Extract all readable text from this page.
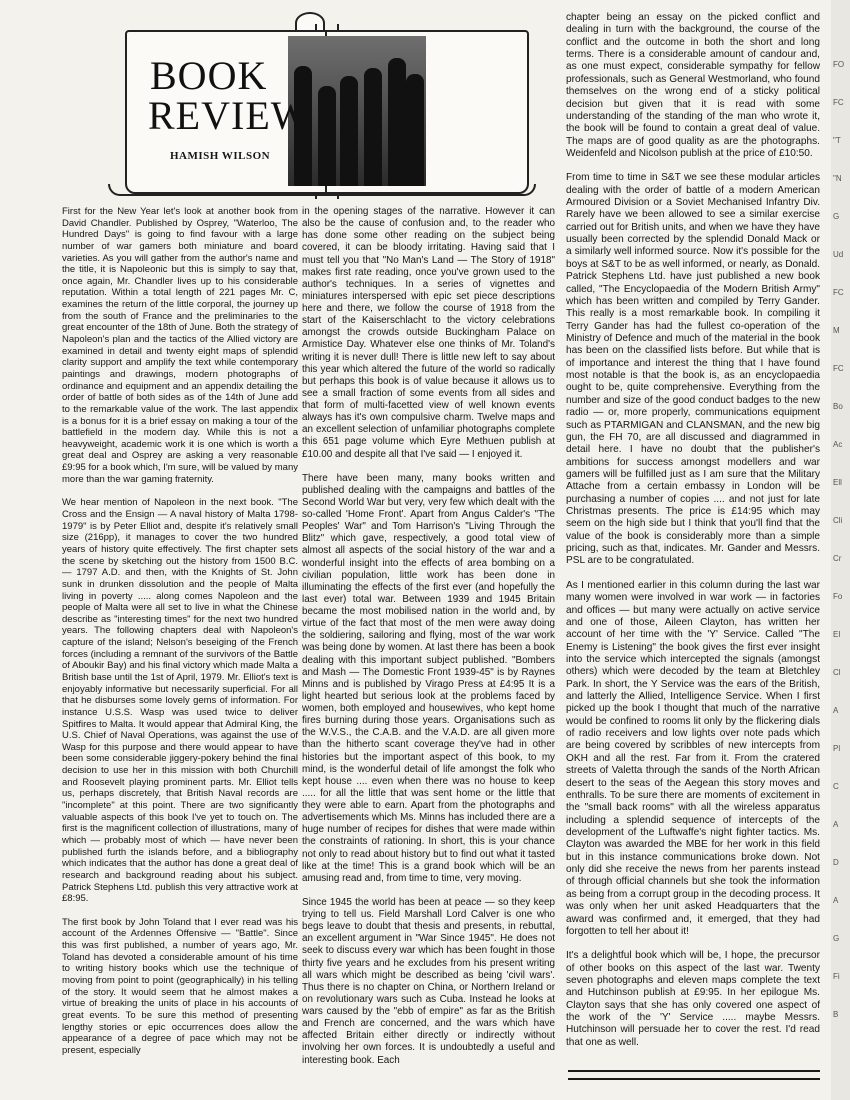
BOOK
REVIEW
HAMISH WILSON

First for the New Year let's look at another book from David Chandler. Published by Osprey, "Waterloo, The Hundred Days" is going to find favour with a large number of war gamers both miniature and board varieties. As you will gather from the author's name and the title, it is Napoleonic but this is simply to say that, once again, Mr. Chandler lives up to his considerable reputation. Within a total length of 221 pages Mr. C, examines the return of the little corporal, the journey up from the south of France and the preliminaries to the great encounter of the 18th of June. Both the strategy of Napoleon's plan and the tactics of the Allied victory are examined in detail and twenty eight maps of splendid clarity support and amplify the text while contemporary paintings and drawings, modern photographs of ordinance and equipment and an appendix detailing the order of battle of both sides as of the 14th of June add to the remarkable value of the work. The last appendix is a bonus for it is a brief essay on making a tour of the battlefield in the modern day. While this is not a heavyweight, academic work it is one which is worth a great deal and Osprey are asking a very reasonable £9:95 for a book which, I'm sure, will be valued by many more than the war gaming fraternity.

We hear mention of Napoleon in the next book. "The Cross and the Ensign — A naval history of Malta 1798-1979" is by Peter Elliot and, despite it's relatively small size (216pp), it manages to cover the two hundred years of history quite effectively. The first chapter sets the scene by sketching out the history from 1500 B.C. — 1797 A.D. and then, with the Knights of St. John sunk in drunken dissolution and the people of Malta living in poverty ..... along comes Napoleon and the people of Malta were all set to live in what the Chinese describe as "interesting times" for the next two hundred years. The following chapters deal with Napoleon's capture of the island; Nelson's beseiging of the French forces (including a remnant of the survivors of the Battle of Aboukir Bay) and his final victory which made Malta a British base until the 1st of April, 1979. Mr. Elliot's text is enjoyably informative but necessarily superficial. For all that he disburses some lovely gems of information. For instance U.S.S. Wasp was used twice to deliver Spitfires to Malta. It would appear that Admiral King, the U.S. Chief of Naval Operations, was against the use of Wasp for this purpose and there would appear to have been some considerable jiggery-pokery behind the final decision to use her in this mission with both Churchill and Roosevelt playing prominent parts. Mr. Elliot tells us, perhaps discretely, that British Naval records are "incomplete" at this point. There are two significantly valuable aspects of this book I've yet to touch on. The first is the magnificent collection of illustrations, many of which — probably most of which — have never been published furth the islands before, and a bibliography which indicates that the author has done a great deal of research and background reading about his subject. Patrick Stephens Ltd. publish this very attractive work at £8:95.

The first book by John Toland that I ever read was his account of the Ardennes Offensive — "Battle". Since this was first published, a number of years ago, Mr. Toland has devoted a considerable amount of his time to writing history books which use the technique of moving from point to point (geographically) in his telling of the story. It would seem that he almost makes a virtue of breaking the units of place in his accounts of great events. To be sure this method of presenting lengthy stories or epic occurrences does allow the appearance of a degree of pace which may not be present, especially

in the opening stages of the narrative. However it can also be the cause of confusion and, to the reader who has done some other reading on the subject being covered, it can be bloody irritating. Having said that I must tell you that "No Man's Land — The Story of 1918" makes first rate reading, once you've grown used to the author's techniques. In a series of vignettes and miniatures interspersed with epic set piece descriptions here and there, we follow the course of 1918 from the start of the Kaiserschlacht to the victory celebrations amongst the crowds outside Buckingham Palace on Armistice Day. Whatever else one thinks of Mr. Toland's writing it is never dull! There is little new left to say about this year which altered the future of the world so radically but perhaps this book is of value because it allows us to see a small fraction of some events from all sides and that form of multi-facetted view of well known events always has it's own compulsive charm. Twelve maps and an excellent selection of unfamiliar photographs complete this 651 page volume which Eyre Methuen publish at £10.00 and despite all that I've said — I enjoyed it.

There have been many, many books written and published dealing with the campaigns and battles of the Second World War but very, very few which dealt with the so-called 'Home Front'. Apart from Angus Calder's "The Peoples' War" and Tom Harrison's "Living Through the Blitz" which gave, respectively, a good total view of almost all aspects of the social history of the war and a wonderful insight into the effects of area bombing on a civilian population, little work has been done in illuminating the effects of the first ever (and hopefully the last ever) total war. Between 1939 and 1945 Britain became the most mobilised nation in the world and, by virtue of the fact that most of the men were away doing the soldiering, sailoring and flying, most of the war work was being done by women. At last there has been a book dealing with this important subject published. "Bombers and Mash — The Domestic Front 1939-45" is by Raynes Minns and is published by Virago Press at £4:95 It is a light hearted but serious look at the problems faced by women, both employed and housewives, who kept home fires burning during those years. Organisations such as the W.V.S., the C.A.B. and the V.A.D. are all given more than the hitherto scant coverage they've had in other histories but the important aspect of this book, to my mind, is the wonderful detail of life amongst the folk who kept house .... even when there was no house to keep ..... for all the little that was sent home or the little that they were able to earn. Apart from the photographs and advertisements which Ms. Minns has included there are a huge number of recipes for dishes that were made within the constraints of rationing. In short, this is your chance not only to read about history but to find out what it tasted like at the time! This is a grand book which will be an amusing read and, from time to time, very moving.

Since 1945 the world has been at peace — so they keep trying to tell us. Field Marshall Lord Calver is one who begs leave to doubt that thesis and presents, in rebuttal, an excellent argument in "War Since 1945". He does not seek to discuss every war which has been fought in those thirty five years and he excludes from his present writing all wars which might be described as being 'civil wars'. Thus there is no chapter on China, or Northern Ireland or on revolutionary wars such as Cuba. Instead he looks at wars caused by the "ebb of empire" as far as the British and French are concerned, and the wars which have affected Britain either directly or indirectly without involving her own forces. It is undoubtedly a useful and interesting book. Each

chapter being an essay on the picked conflict and dealing in turn with the background, the course of the conflict and the outcome in both the short and long terms. There is a considerable amount of candour and, as one must expect, considerable sympathy for fellow professionals, such as General Westmorland, who found themselves on the wrong end of a sticky political decision but given that it is read with some understanding of the standing of the man who wrote it, the book will be found to contain a great deal of value. The maps are of good quality as are the photographs. Weidenfeld and Nicolson publish at the price of £10:50.

From time to time in S&T we see these modular articles dealing with the order of battle of a modern American Armoured Division or a Soviet Mechanised Infantry Div. Rarely have we been allowed to see a similar exercise carried out for British units, and when we have they have usually been corrected by the splendid Donald Mack or a similarly well informed source. Now it's possible for the boys at S&T to be as well informed, or nearly, as Donald. Patrick Stephens Ltd. have just published a new book called, "The Encyclopaedia of the Modern British Army" which has been written and compiled by Terry Gander. This really is a most remarkable book. In compiling it Terry Gander has had the fullest co-operation of the Ministry of Defence and much of the material in the book has been on the classified lists before. But while that is of importance and interest the thing that I have found most notable is that the book is, as an encyclopaedia ought to be, quite comprehensive. Everything from the number and size of the good conduct badges to the new radio — or, more properly, communications equipment such as PTARMIGAN and CLANSMAN, and the new big gun, the FH 70, are all discussed and diagrammed in detail here. I have no doubt that the publisher's ambitions for success amongst modellers and war gamers will be fulfilled just as I am sure that the Military Attache from a certain embassy in London will be purchasing a number of copies .... and not just for late Christmas presents. The price is £14:95 which may seem on the high side but I think that you'll find that the value of the book is considerably more than a simple pricing, such as that, indicates. Mr. Gander and Messrs. PSL are to be congratulated.

As I mentioned earlier in this column during the last war many women were involved in war work — in factories and offices — but many were actually on active service and one of those, Aileen Clayton, has written her account of her time with the 'Y' Service. Called "The Enemy is Listening" the book gives the first ever insight into the service which intercepted the signals (amongst others) which were decoded by the team at Bletchley Park. In short, the Y Service was the ears of the British, and latterly the Allied, Intelligence Service. When I first picked up the book I thought that much of the narrative would be confined to rooms lit only by the flickering dials of radio receivers and low lights over note pads which are being covered by scribbles of new intercepts from OKH and all the rest. Far from it. From the cratered streets of Valetta through the sands of the North African desert to the seas of the Aegean this story moves and enthralls. To be sure there are moments of excitement in the "small back rooms" with all the wireless apparatus including a splendid sequence of intercepts of the development of the Luftwaffe's night fighter tactics. Ms. Clayton was awarded the MBE for her work in this field but in this instance communications broke down. Not only did she receive the news from her parents instead of through official channels but she took the information as being from a corrupt group in the decoding process. It was only when her unit asked Headquarters that the award was confirmed and, it emerged, that they had forgotten to tell her about it!

It's a delightful book which will be, I hope, the precursor of other books on this aspect of the last war. Twenty seven photographs and eleven maps complete the text and Hutchinson publish at £9:95. In her epilogue Ms. Clayton says that she has only covered one aspect of the work of the 'Y' Service ..... maybe Messrs. Hutchinson will persuade her to cover the rest. I'd read that one as well.

FO
FC
"T
"N
G
Ud
FC
M
FC
Bo
Ac
Ell
Cli
Cr
Fo
EI
Cl
A
Pl
C
A
D
A
G
Fi
B
